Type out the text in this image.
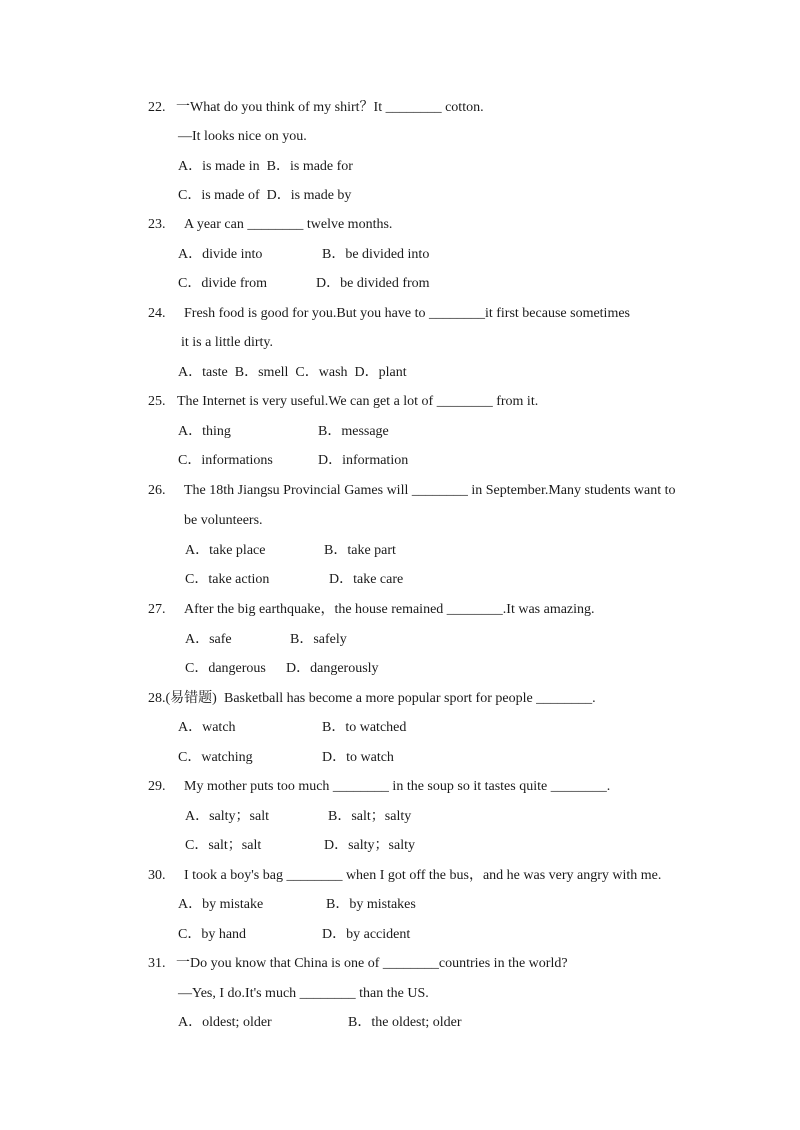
22. 一What do you think of my shirt？It ________ cotton.
—It looks nice on you.
A．is made in  B．is made for
C．is made of  D．is made by
23. A year can ________ twelve months.
A．divide into	B．be divided into
C．divide from	D．be divided from
24. Fresh food is good for you.But you have to ________it first because sometimes
it is a little dirty.
A．taste  B．smell  C．wash  D．plant
25. The Internet is very useful.We can get a lot of ________ from it.
A．thing	B．message
C．informations	D．information
26. The 18th Jiangsu Provincial Games will ________ in September.Many students want to
be volunteers.
A．take place	B．take part
C．take action	D．take care
27. After the big earthquake，the house remained ________.It was amazing.
A．safe	B．safely
C．dangerous D．dangerously
28.(易错题) Basketball has become a more popular sport for people ________.
A．watch	B．to watched
C．watching	D．to watch
29. My mother puts too much ________ in the soup so it tastes quite ________.
A．salty；salt	B．salt；salty
C．salt；salt	D．salty；salty
30. I took a boy's bag ________ when I got off the bus，and he was very angry with me.
A．by mistake	B．by mistakes
C．by hand	D．by accident
31. 一Do you know that China is one of ________countries in the world?
—Yes, I do.It's much ________ than the US.
A．oldest; older	B．the oldest; older
